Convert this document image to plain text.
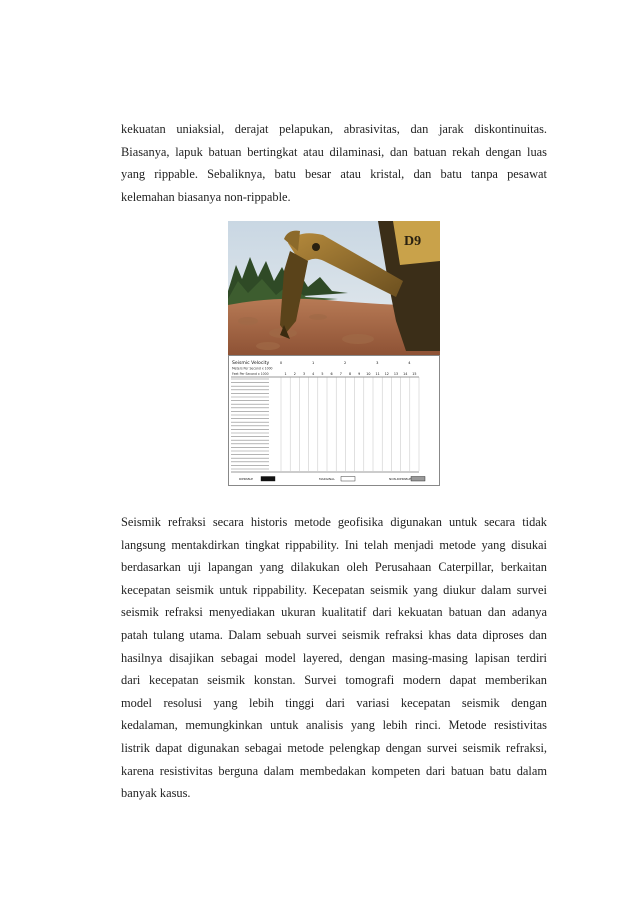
kekuatan uniaksial, derajat pelapukan, abrasivitas, dan jarak diskontinuitas.
Biasanya, lapuk batuan bertingkat atau dilaminasi, dan batuan rekah dengan luas
yang rippable. Sebaliknya, batu besar atau kristal, dan batu tanpa pesawat
kelemahan biasanya non-rippable.
D9
Seismic Velocity
Meters Per Second x 1000
Feet Per Second x 1000
0	1	2	3	4
1 2 3 4 5 6 7 8 9 10 11 12 13 14 15
RIPPABLE	MARGINAL	NON-RIPPABLE
Seismik refraksi secara historis metode geofisika digunakan untuk secara tidak
langsung mentakdirkan tingkat rippability. Ini telah menjadi metode yang disukai
berdasarkan uji lapangan yang dilakukan oleh Perusahaan Caterpillar, berkaitan
kecepatan seismik untuk rippability. Kecepatan seismik yang diukur dalam survei
seismik refraksi menyediakan ukuran kualitatif dari kekuatan batuan dan adanya
patah tulang utama. Dalam sebuah survei seismik refraksi khas data diproses dan
hasilnya disajikan sebagai model layered, dengan masing-masing lapisan terdiri
dari kecepatan seismik konstan. Survei tomografi modern dapat memberikan
model resolusi yang lebih tinggi dari variasi kecepatan seismik dengan
kedalaman, memungkinkan untuk analisis yang lebih rinci. Metode resistivitas
listrik dapat digunakan sebagai metode pelengkap dengan survei seismik refraksi,
karena resistivitas berguna dalam membedakan kompeten dari batuan batu dalam
banyak kasus.
